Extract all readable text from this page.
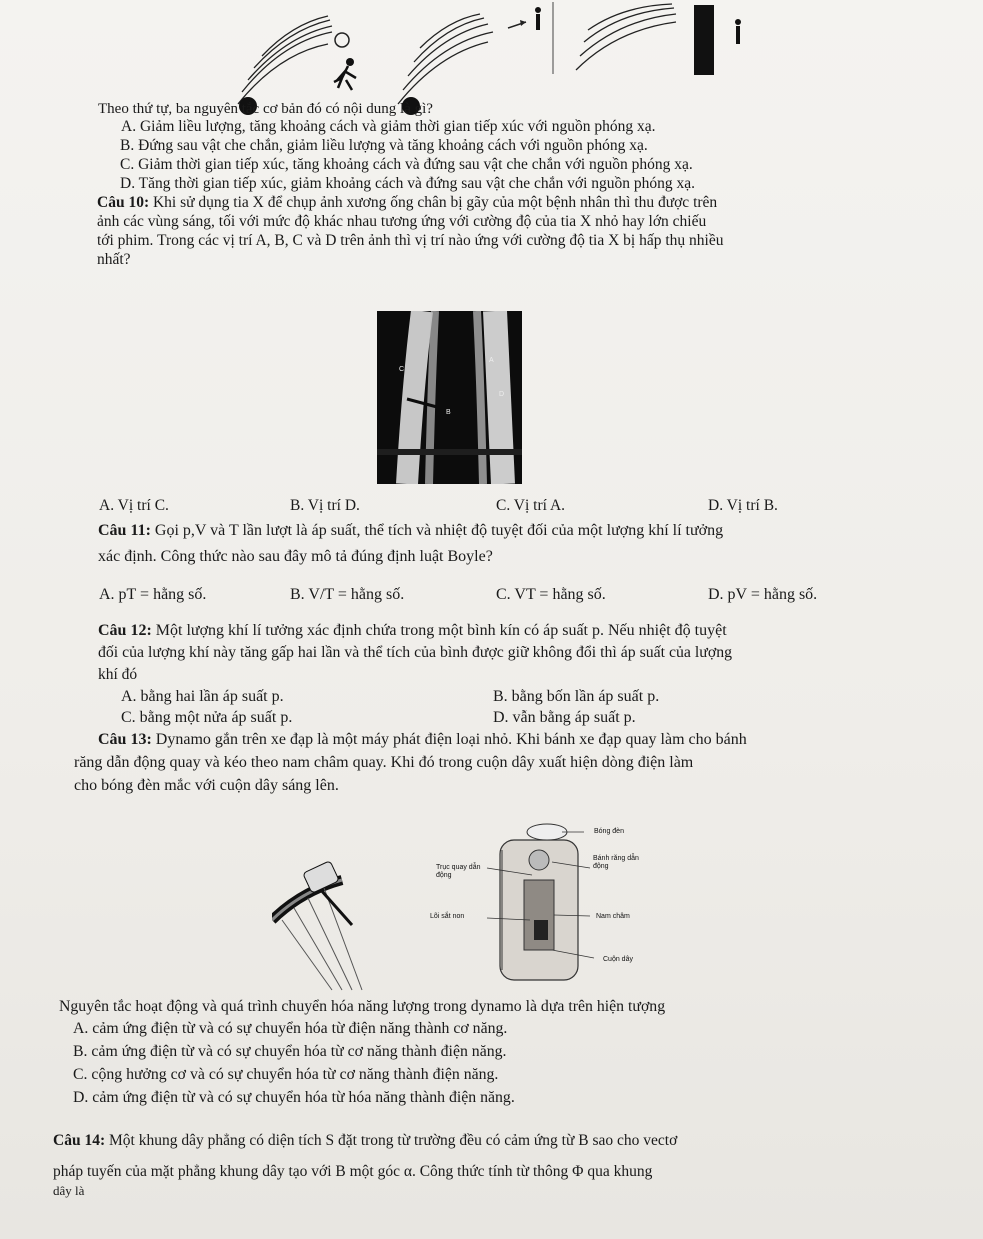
Theo thứ tự, ba nguyên tắc cơ bản đó có nội dung là gì?
A. Giảm liều lượng, tăng khoảng cách và giảm thời gian tiếp xúc với nguồn phóng xạ.
B. Đứng sau vật che chắn, giảm liều lượng và tăng khoảng cách với nguồn phóng xạ.
C. Giảm thời gian tiếp xúc, tăng khoảng cách và đứng sau vật che chắn với nguồn phóng xạ.
D. Tăng thời gian tiếp xúc, giảm khoảng cách và đứng sau vật che chắn với nguồn phóng xạ.
Câu 10: Khi sử dụng tia X để chụp ảnh xương ống chân bị gãy của một bệnh nhân thì thu được trên
ảnh các vùng sáng, tối với mức độ khác nhau tương ứng với cường độ của tia X nhỏ hay lớn chiếu
tới phim. Trong các vị trí A, B, C và D trên ảnh thì vị trí nào ứng với cường độ tia X bị hấp thụ nhiều
nhất?
A
B
C
D
A. Vị trí C.	B. Vị trí D.	C. Vị trí A.	D. Vị trí B.
Câu 11: Gọi p,V và T lần lượt là áp suất, thể tích và nhiệt độ tuyệt đối của một lượng khí lí tưởng
xác định. Công thức nào sau đây mô tả đúng định luật Boyle?
A. pT = hằng số.	B. V/T = hằng số.	C. VT = hằng số.	D. pV = hằng số.
Câu 12: Một lượng khí lí tưởng xác định chứa trong một bình kín có áp suất p. Nếu nhiệt độ tuyệt
đối của lượng khí này tăng gấp hai lần và thể tích của bình được giữ không đổi thì áp suất của lượng
khí đó
A. bằng hai lần áp suất p.	B. bằng bốn lần áp suất p.
C. bằng một nửa áp suất p.	D. vẫn bằng áp suất p.
Câu 13: Dynamo gắn trên xe đạp là một máy phát điện loại nhỏ. Khi bánh xe đạp quay làm cho bánh
răng dẫn động quay và kéo theo nam châm quay. Khi đó trong cuộn dây xuất hiện dòng điện làm
cho bóng đèn mắc với cuộn dây sáng lên.
Bóng đèn
Bánh răng dẫn động
Trục quay dẫn động
Lõi sắt non	Nam châm
Cuộn dây
Nguyên tắc hoạt động và quá trình chuyển hóa năng lượng trong dynamo là dựa trên hiện tượng
A. cảm ứng điện từ và có sự chuyển hóa từ điện năng thành cơ năng.
B. cảm ứng điện từ và có sự chuyển hóa từ cơ năng thành điện năng.
C. cộng hưởng cơ và có sự chuyển hóa từ cơ năng thành điện năng.
D. cảm ứng điện từ và có sự chuyển hóa từ hóa năng thành điện năng.
Câu 14: Một khung dây phẳng có diện tích S đặt trong từ trường đều có cảm ứng từ B sao cho vectơ
pháp tuyến của mặt phẳng khung dây tạo với B một góc α. Công thức tính từ thông Φ qua khung
dây là
